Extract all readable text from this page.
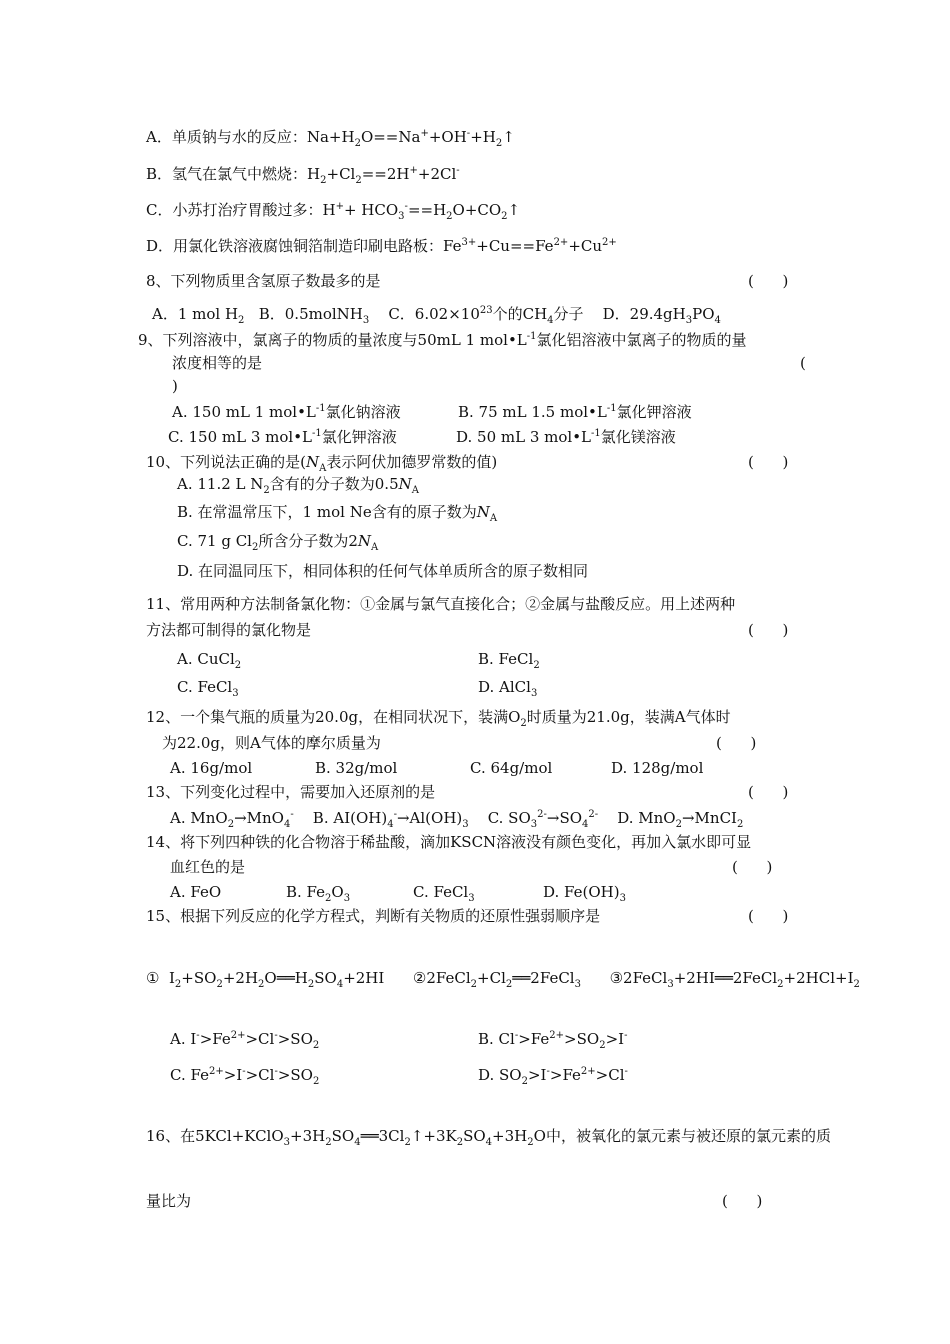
A．单质钠与水的反应：$Na+H_2O==Na^++OH^-+H_2↑$
B．氢气在氯气中燃烧：$H_2+Cl_2==2H^++2Cl^-$
C．小苏打治疗胃酸过多：$H^++ HCO_3^-==H_2O+CO_2↑$
D．用氯化铁溶液腐蚀铜箔制造印刷电路板：$Fe^{3+}+Cu==Fe^{2+}+Cu^{2+}$
8、下列物质里含氢原子数最多的是	(      )
A．1 mol $H_2$ B．0.5molNH$_3$ C．$6.02\times 10^{23}$个的$CH_4$分子 D．$29.4gH_3PO_4$
9、下列溶液中，氯离子的物质的量浓度与50mL 1 $mol•L^{-1}$氯化铝溶液中氯离子的物质的量
浓度相等的是	(
)
A. 150 mL 1 $mol•L^{-1}$氯化钠溶液	B. 75 mL 1.5 $mol•L^{-1}$氯化钾溶液
C. 150 mL 3 $mol•L^{-1}$氯化钾溶液	D. 50 mL 3 $mol•L^{-1}$氯化镁溶液
10、下列说法正确的是($N_A$表示阿伏加德罗常数的值)	(      )
A. 11.2 L $N_2$含有的分子数为$0.5N_A$
B. 在常温常压下，1 mol Ne含有的原子数为$N_A$
C. 71 g $Cl_2$所含分子数为$2N_A$
D. 在同温同压下，相同体积的任何气体单质所含的原子数相同
11、常用两种方法制备氯化物：①金属与氯气直接化合；②金属与盐酸反应。用上述两种
方法都可制得的氯化物是	(      )
A. CuCl$_2$	B. FeCl$_2$
C. FeCl$_3$	D. AlCl$_3$
12、一个集气瓶的质量为20.0g，在相同状况下，装满$O_2$时质量为21.0g，装满A气体时
为22.0g，则A气体的摩尔质量为	(      )
A. 16g/mol	B. 32g/mol	C. 64g/mol	D. 128g/mol
13、下列变化过程中，需要加入还原剂的是	(      )
A. MnO$_2$→MnO$_4$- B. $AI(OH)_4^-\to Al(OH)_3$ C. $SO_3^{2-}\to SO_4^{2-}$ D. MnO$_2$→MnCI$_2$
14、将下列四种铁的化合物溶于稀盐酸，滴加KSCN溶液没有颜色变化，再加入氯水即可显
血红色的是	(      )
A. FeO	B. $Fe_2O_3$	C. FeCl$_3$	D. $Fe(OH)_3$
15、根据下列反应的化学方程式，判断有关物质的还原性强弱顺序是	(      )
①  $I_2+SO_2+2H_2O══H_2SO_4+2HI$      $②2FeCl_2+Cl_2══2FeCl_3$      $③2FeCl_3+2HI══2FeCl_2+2HCl+I_2$
A. $I^->Fe^{2+}>Cl^->SO_2$	B. $Cl^->Fe^{2+}>SO_2>I^-$
C. $Fe^{2+}>I^->Cl^->SO_2$	D. $SO_2>I^->Fe^{2+}>Cl^-$
16、在$5KCl+KClO_3+3H_2SO_4══3Cl_2↑+3K_2SO_4+3H_2O$中，被氧化的氯元素与被还原的氯元素的质
量比为	(      )
